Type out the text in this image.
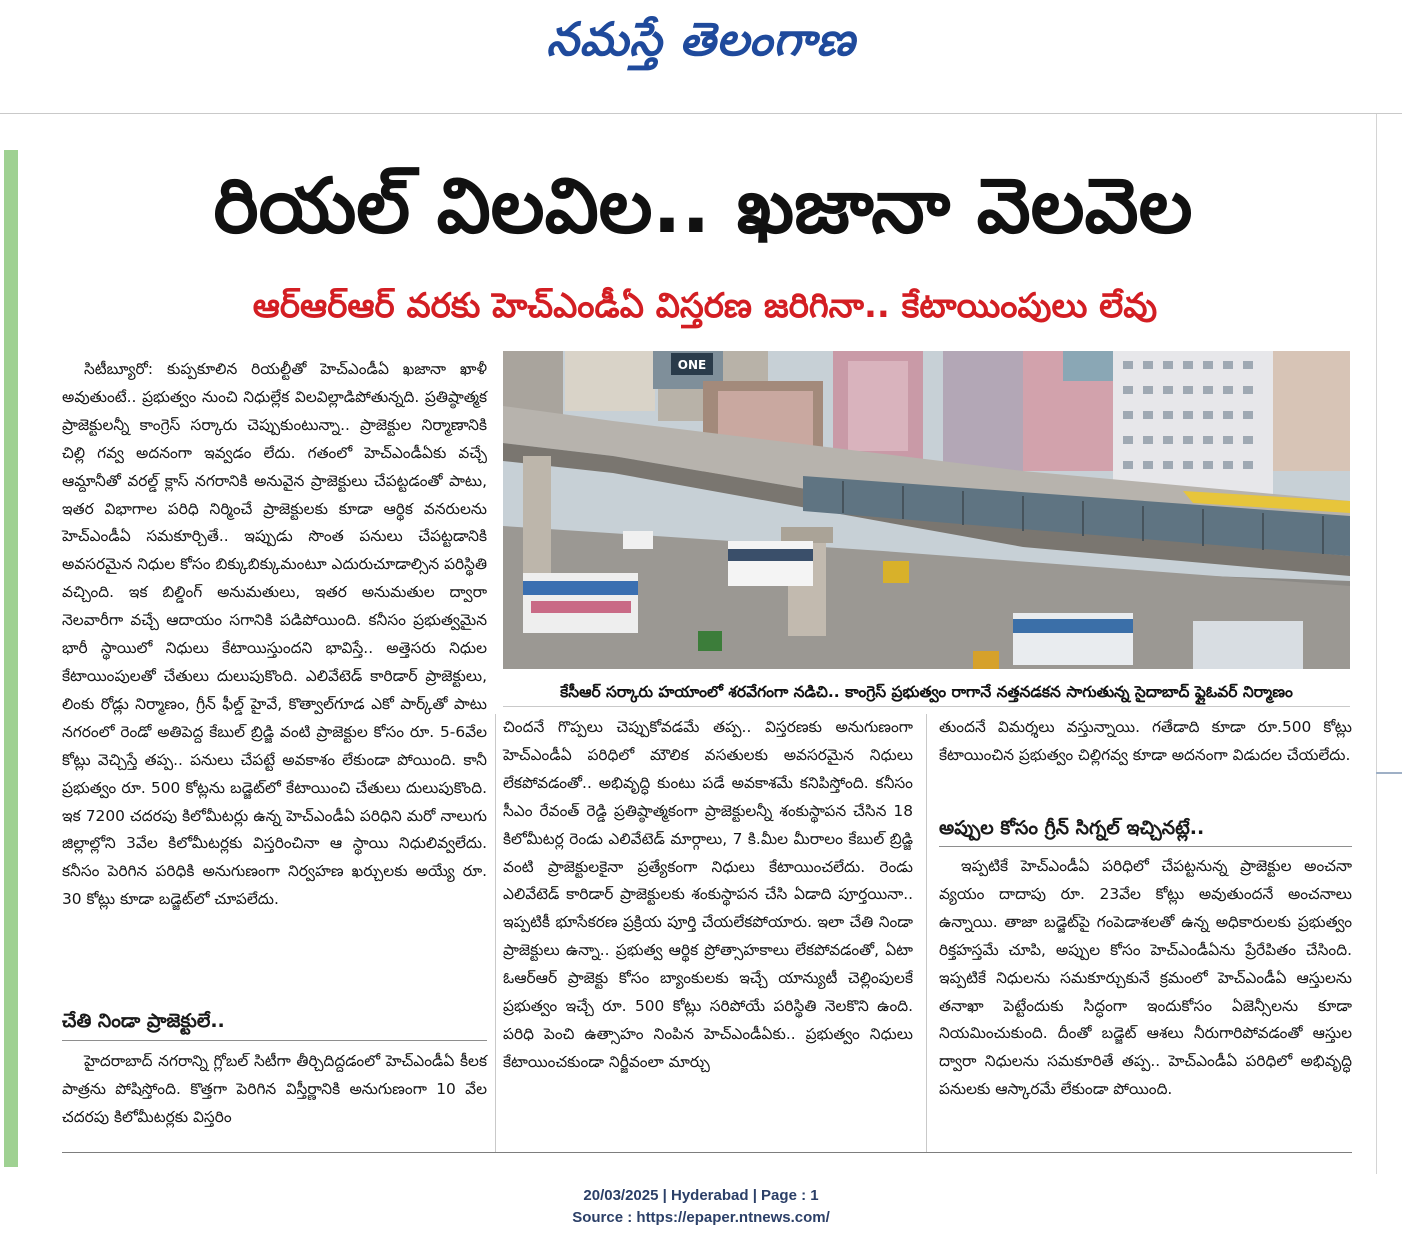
నమస్తే తెలంగాణ
రియల్ విలవిల.. ఖజానా వెలవెల
ఆర్ఆర్ఆర్ వరకు హెచ్ఎండీఏ విస్తరణ జరిగినా.. కేటాయింపులు లేవు

సిటీబ్యూరో: కుప్పకూలిన రియల్టీతో హెచ్ఎండీఏ ఖజానా ఖాళీ అవుతుంటే.. ప్రభుత్వం నుంచి నిధుల్లేక విలవిల్లాడిపోతున్నది. ప్రతిష్ఠాత్మక ప్రాజెక్టులన్నీ కాంగ్రెస్ సర్కారు చెప్పుకుంటున్నా.. ప్రాజెక్టుల నిర్మాణానికి చిల్లి గవ్వ అదనంగా ఇవ్వడం లేదు. గతంలో హెచ్ఎండీఏకు వచ్చే ఆమ్దానీతో వరల్డ్ క్లాస్ నగరానికి అనువైన ప్రాజెక్టులు చేపట్టడంతో పాటు, ఇతర విభాగాల పరిధి నిర్మించే ప్రాజెక్టులకు కూడా ఆర్థిక వనరులను హెచ్ఎండీఏ సమకూర్చితే.. ఇప్పుడు సొంత పనులు చేపట్టడానికి అవసరమైన నిధుల కోసం బిక్కుబిక్కుమంటూ ఎదురుచూడాల్సిన పరిస్థితి వచ్చింది. ఇక బిల్డింగ్ అనుమతులు, ఇతర అనుమతుల ద్వారా నెలవారీగా వచ్చే ఆదాయం సగానికి పడిపోయింది. కనీసం ప్రభుత్వమైన భారీ స్థాయిలో నిధులు కేటాయిస్తుందని భావిస్తే.. అత్తెసరు నిధుల కేటాయింపులతో చేతులు దులుపుకొంది. ఎలివేటెడ్ కారిడార్ ప్రాజెక్టులు, లింకు రోడ్లు నిర్మాణం, గ్రీన్ ఫీల్డ్ హైవే, కొత్వాల్‌గూడ ఎకో పార్క్‌తో పాటు నగరంలో రెండో అతిపెద్ద కేబుల్ బ్రిడ్జి వంటి ప్రాజెక్టుల కోసం రూ. 5-6వేల కోట్లు వెచ్చిస్తే తప్ప.. పనులు చేపట్టే అవకాశం లేకుండా పోయింది. కానీ ప్రభుత్వం రూ. 500 కోట్లను బడ్జెట్‌లో కేటాయించి చేతులు దులుపుకొంది. ఇక 7200 చదరపు కిలోమీటర్లు ఉన్న హెచ్ఎండీఏ పరిధిని మరో నాలుగు జిల్లాల్లోని 3వేల కిలోమీటర్లకు విస్తరించినా ఆ స్థాయి నిధులివ్వలేదు. కనీసం పెరిగిన పరిధికి అనుగుణంగా నిర్వహణ ఖర్చులకు అయ్యే రూ. 30 కోట్లు కూడా బడ్జెట్‌లో చూపలేదు.

చేతి నిండా ప్రాజెక్టులే..

హైదరాబాద్ నగరాన్ని గ్లోబల్ సిటీగా తీర్చిదిద్దడంలో హెచ్ఎండీఏ కీలక పాత్రను పోషిస్తోంది. కొత్తగా పెరిగిన విస్తీర్ణానికి అనుగుణంగా 10 వేల చదరపు కిలోమీటర్లకు విస్తరిం

ONE
కేసీఆర్ సర్కారు హయాంలో శరవేగంగా నడిచి.. కాంగ్రెస్ ప్రభుత్వం రాగానే నత్తనడకన సాగుతున్న సైదాబాద్ ఫ్లైఓవర్ నిర్మాణం

చిందనే గొప్పలు చెప్పుకోవడమే తప్ప.. విస్తరణకు అనుగుణంగా హెచ్ఎండీఏ పరిధిలో మౌలిక వసతులకు అవసరమైన నిధులు లేకపోవడంతో.. అభివృద్ధి కుంటు పడే అవకాశమే కనిపిస్తోంది. కనీసం సీఎం రేవంత్ రెడ్డి ప్రతిష్ఠాత్మకంగా ప్రాజెక్టులన్నీ శంకుస్థాపన చేసిన 18 కిలోమీటర్ల రెండు ఎలివేటెడ్ మార్గాలు, 7 కి.మీల మీరాలం కేబుల్ బ్రిడ్జి వంటి ప్రాజెక్టులకైనా ప్రత్యేకంగా నిధులు కేటాయించలేదు. రెండు ఎలివేటెడ్ కారిడార్ ప్రాజెక్టులకు శంకుస్థాపన చేసి ఏడాది పూర్తయినా.. ఇప్పటికీ భూసేకరణ ప్రక్రియ పూర్తి చేయలేకపోయారు. ఇలా చేతి నిండా ప్రాజెక్టులు ఉన్నా.. ప్రభుత్వ ఆర్థిక ప్రోత్సాహకాలు లేకపోవడంతో, ఏటా ఓఆర్ఆర్ ప్రాజెక్టు కోసం బ్యాంకులకు ఇచ్చే యాన్యుటీ చెల్లింపులకే ప్రభుత్వం ఇచ్చే రూ. 500 కోట్లు సరిపోయే పరిస్థితి నెలకొని ఉంది. పరిధి పెంచి ఉత్సాహం నింపిన హెచ్ఎండీఏకు.. ప్రభుత్వం నిధులు కేటాయించకుండా నిర్జీవంలా మార్చు

తుందనే విమర్శలు వస్తున్నాయి. గతేడాది కూడా రూ.500 కోట్లు కేటాయించిన ప్రభుత్వం చిల్లిగవ్వ కూడా అదనంగా విడుదల చేయలేదు.

అప్పుల కోసం గ్రీన్ సిగ్నల్ ఇచ్చినట్లే..

ఇప్పటికే హెచ్ఎండీఏ పరిధిలో చేపట్టనున్న ప్రాజెక్టుల అంచనా వ్యయం దాదాపు రూ. 23వేల కోట్లు అవుతుందనే అంచనాలు ఉన్నాయి. తాజా బడ్జెట్‌పై గంపెడాశలతో ఉన్న అధికారులకు ప్రభుత్వం రిక్తహస్తమే చూపి, అప్పుల కోసం హెచ్ఎండీఏను ప్రేరేపితం చేసింది. ఇప్పటికే నిధులను సమకూర్చుకునే క్రమంలో హెచ్ఎండీఏ ఆస్తులను తనాఖా పెట్టేందుకు సిద్ధంగా ఇందుకోసం ఏజెన్సీలను కూడా నియమించుకుంది. దీంతో బడ్జెట్ ఆశలు నీరుగారిపోవడంతో ఆస్తుల ద్వారా నిధులను సమకూరితే తప్ప.. హెచ్ఎండీఏ పరిధిలో అభివృద్ధి పనులకు ఆస్కారమే లేకుండా పోయింది.

20/03/2025 | Hyderabad | Page : 1
Source : https://epaper.ntnews.com/
